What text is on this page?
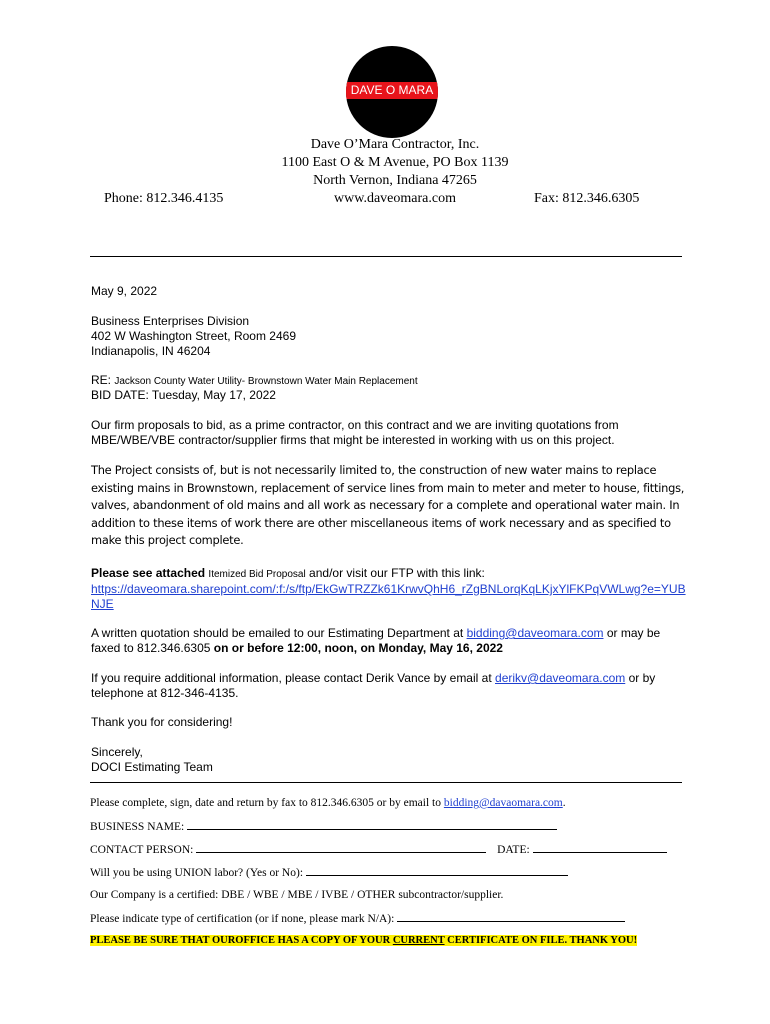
DAVE O MARA
Dave O’Mara Contractor, Inc.
1100 East O & M Avenue, PO Box 1139
North Vernon, Indiana 47265
www.daveomara.com
Phone: 812.346.4135	Fax: 812.346.6305
May 9, 2022
Business Enterprises Division
402 W Washington Street, Room 2469
Indianapolis, IN 46204
RE: Jackson County Water Utility- Brownstown Water Main Replacement
BID DATE: Tuesday, May 17, 2022
Our firm proposals to bid, as a prime contractor, on this contract and we are inviting quotations from MBE/WBE/VBE contractor/supplier firms that might be interested in working with us on this project.
The Project consists of, but is not necessarily limited to, the construction of new water mains to replace existing mains in Brownstown, replacement of service lines from main to meter and meter to house, fittings, valves, abandonment of old mains and all work as necessary for a complete and operational water main. In addition to these items of work there are other miscellaneous items of work necessary and as specified to make this project complete.
Please see attached Itemized Bid Proposal and/or visit our FTP with this link:
https://daveomara.sharepoint.com/:f:/s/ftp/EkGwTRZZk61KrwvQhH6_rZgBNLorqKqLKjxYlFKPqVWLwg?e=YUBNJE
A written quotation should be emailed to our Estimating Department at bidding@daveomara.com or may be faxed to 812.346.6305 on or before 12:00, noon, on Monday, May 16, 2022
If you require additional information, please contact Derik Vance by email at derikv@daveomara.com or by telephone at 812-346-4135.
Thank you for considering!
Sincerely,
DOCI Estimating Team
Please complete, sign, date and return by fax to 812.346.6305 or by email to bidding@davaomara.com.
BUSINESS NAME:
CONTACT PERSON:	DATE:
Will you be using UNION labor? (Yes or No):
Our Company is a certified: DBE / WBE / MBE / IVBE / OTHER subcontractor/supplier.
Please indicate type of certification (or if none, please mark N/A):
PLEASE BE SURE THAT OUROFFICE HAS A COPY OF YOUR CURRENT CERTIFICATE ON FILE. THANK YOU!
